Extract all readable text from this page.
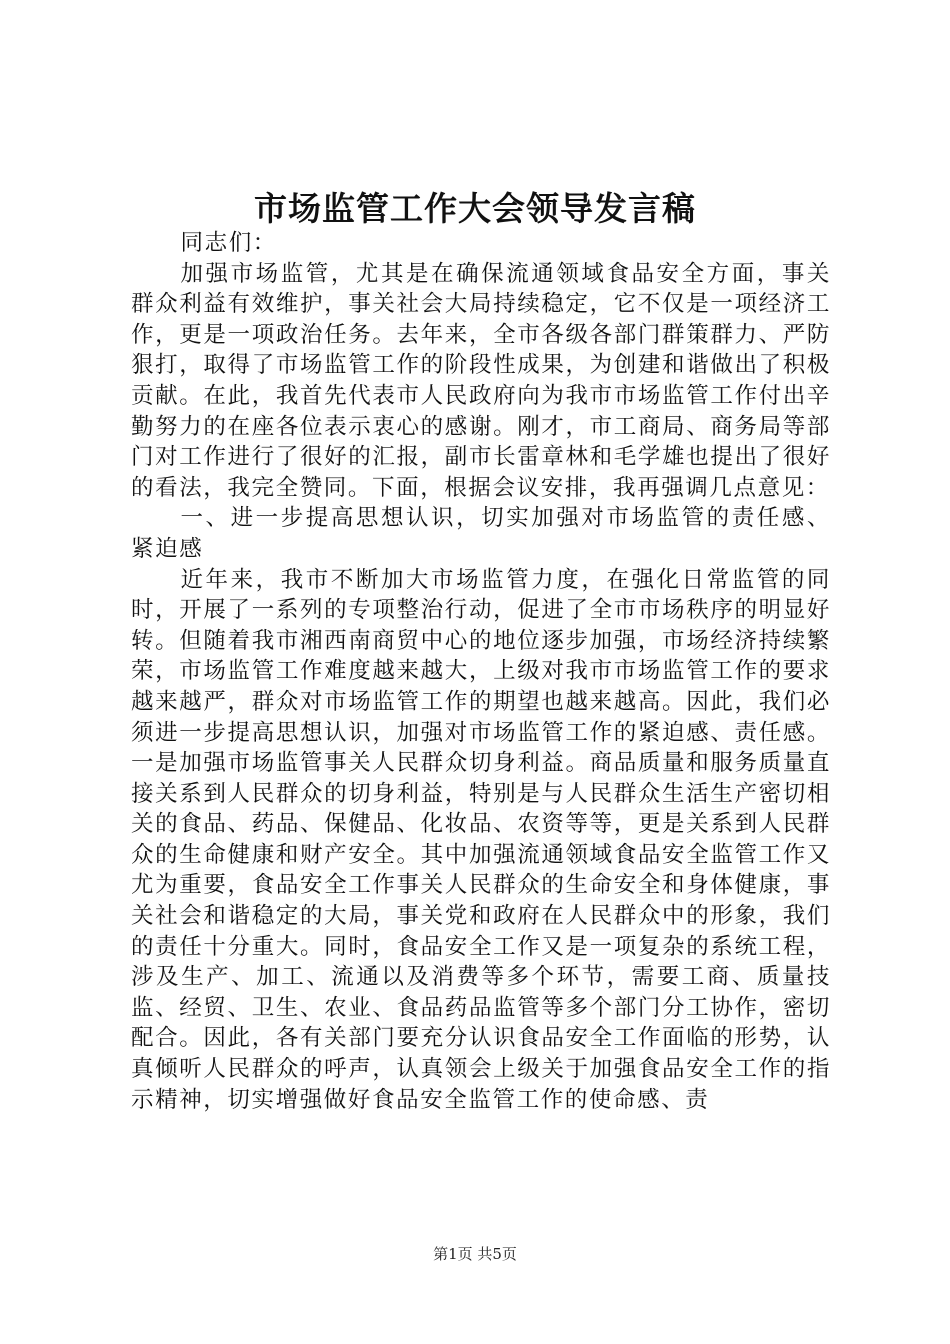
市场监管工作大会领导发言稿

同志们：

加强市场监管，尤其是在确保流通领域食品安全方面，事关群众利益有效维护，事关社会大局持续稳定，它不仅是一项经济工作，更是一项政治任务。去年来，全市各级各部门群策群力、严防狠打，取得了市场监管工作的阶段性成果，为创建和谐做出了积极贡献。在此，我首先代表市人民政府向为我市市场监管工作付出辛勤努力的在座各位表示衷心的感谢。刚才，市工商局、商务局等部门对工作进行了很好的汇报，副市长雷章林和毛学雄也提出了很好的看法，我完全赞同。下面，根据会议安排，我再强调几点意见：

一、进一步提高思想认识，切实加强对市场监管的责任感、紧迫感

近年来，我市不断加大市场监管力度，在强化日常监管的同时，开展了一系列的专项整治行动，促进了全市市场秩序的明显好转。但随着我市湘西南商贸中心的地位逐步加强，市场经济持续繁荣，市场监管工作难度越来越大，上级对我市市场监管工作的要求越来越严，群众对市场监管工作的期望也越来越高。因此，我们必须进一步提高思想认识，加强对市场监管工作的紧迫感、责任感。一是加强市场监管事关人民群众切身利益。商品质量和服务质量直接关系到人民群众的切身利益，特别是与人民群众生活生产密切相关的食品、药品、保健品、化妆品、农资等等，更是关系到人民群众的生命健康和财产安全。其中加强流通领域食品安全监管工作又尤为重要，食品安全工作事关人民群众的生命安全和身体健康，事关社会和谐稳定的大局，事关党和政府在人民群众中的形象，我们的责任十分重大。同时，食品安全工作又是一项复杂的系统工程，涉及生产、加工、流通以及消费等多个环节，需要工商、质量技监、经贸、卫生、农业、食品药品监管等多个部门分工协作，密切配合。因此，各有关部门要充分认识食品安全工作面临的形势，认真倾听人民群众的呼声，认真领会上级关于加强食品安全工作的指示精神，切实增强做好食品安全监管工作的使命感、责

第1页 共5页
